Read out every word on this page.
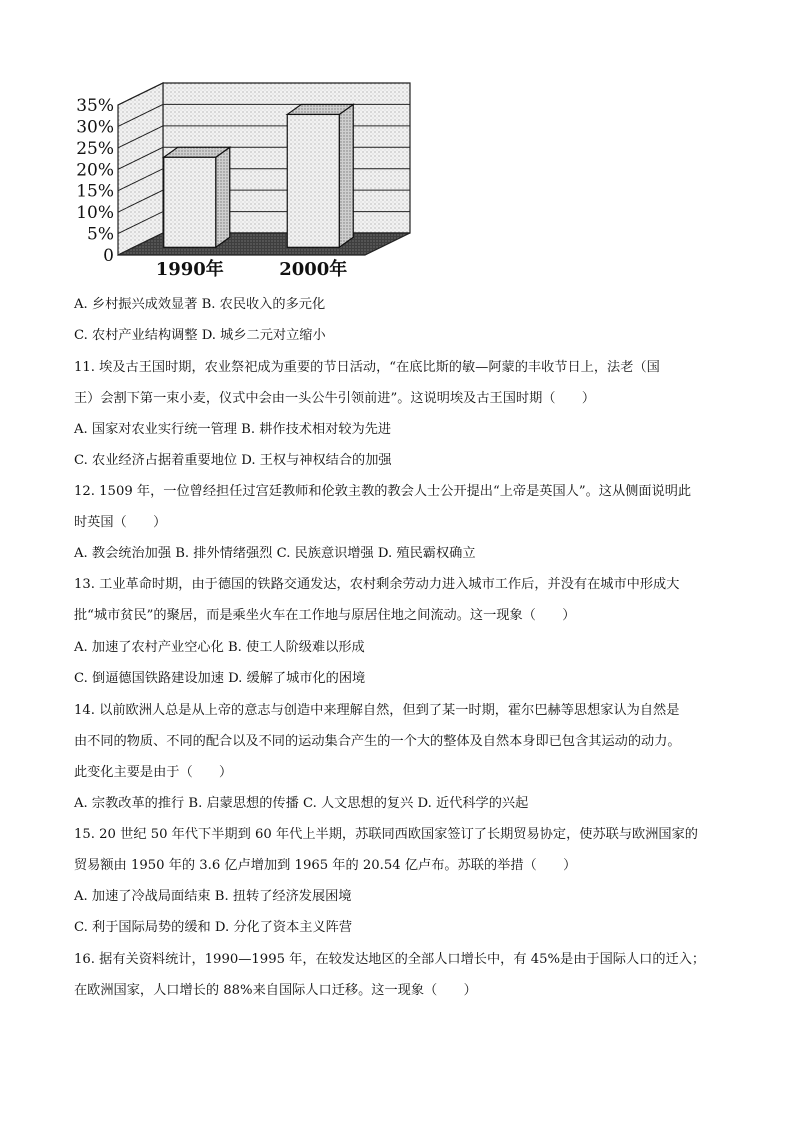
0
5%
10%
15%
20%
25%
30%
35%
1990年	2000年
A. 乡村振兴成效显著 B. 农民收入的多元化
C. 农村产业结构调整 D. 城乡二元对立缩小
11. 埃及古王国时期，农业祭祀成为重要的节日活动，“在底比斯的敏—阿蒙的丰收节日上，法老（国
王）会割下第一束小麦，仪式中会由一头公牛引领前进”。这说明埃及古王国时期（　　）
A. 国家对农业实行统一管理 B. 耕作技术相对较为先进
C. 农业经济占据着重要地位 D. 王权与神权结合的加强
12. 1509 年，一位曾经担任过宫廷教师和伦敦主教的教会人士公开提出“上帝是英国人”。这从侧面说明此
时英国（　　）
A. 教会统治加强 B. 排外情绪强烈 C. 民族意识增强 D. 殖民霸权确立
13. 工业革命时期，由于德国的铁路交通发达，农村剩余劳动力进入城市工作后，并没有在城市中形成大
批“城市贫民”的聚居，而是乘坐火车在工作地与原居住地之间流动。这一现象（　　）
A. 加速了农村产业空心化 B. 使工人阶级难以形成
C. 倒逼德国铁路建设加速 D. 缓解了城市化的困境
14. 以前欧洲人总是从上帝的意志与创造中来理解自然，但到了某一时期，霍尔巴赫等思想家认为自然是
由不同的物质、不同的配合以及不同的运动集合产生的一个大的整体及自然本身即已包含其运动的动力。
此变化主要是由于（　　）
A. 宗教改革的推行 B. 启蒙思想的传播 C. 人文思想的复兴 D. 近代科学的兴起
15. 20 世纪 50 年代下半期到 60 年代上半期，苏联同西欧国家签订了长期贸易协定，使苏联与欧洲国家的
贸易额由 1950 年的 3.6 亿卢增加到 1965 年的 20.54 亿卢布。苏联的举措（　　）
A. 加速了冷战局面结束 B. 扭转了经济发展困境
C. 利于国际局势的缓和 D. 分化了资本主义阵营
16. 据有关资料统计，1990—1995 年，在较发达地区的全部人口增长中，有 45%是由于国际人口的迁入；
在欧洲国家，人口增长的 88%来自国际人口迁移。这一现象（　　）
